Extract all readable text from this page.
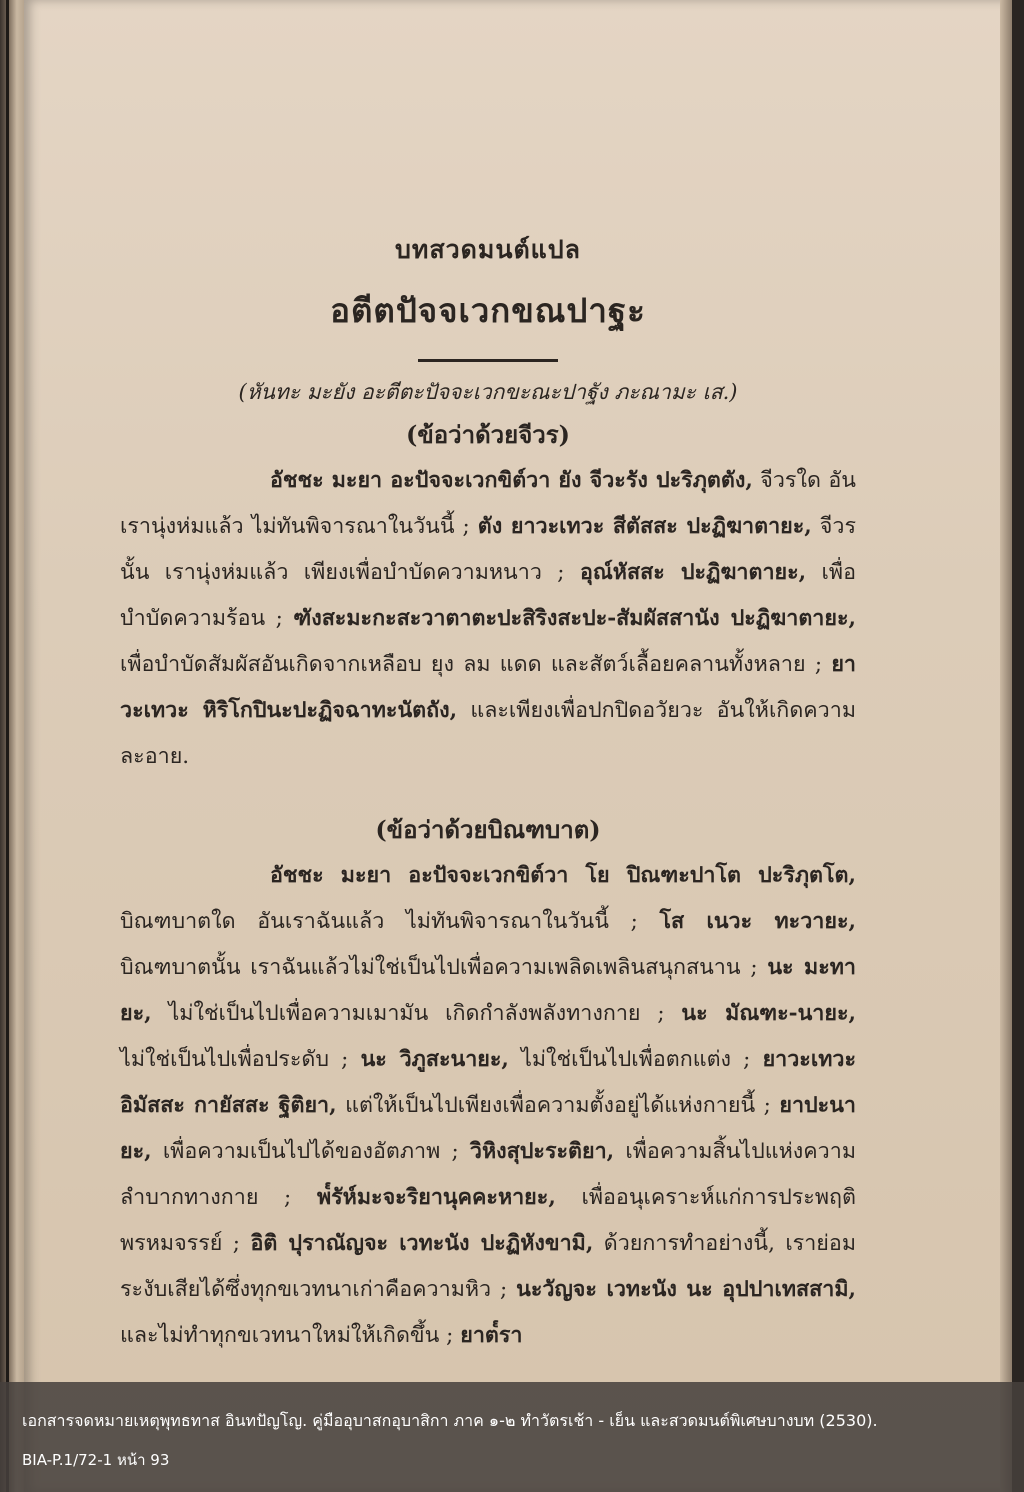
บทสวดมนต์แปล

อตีตปัจจเวกขณปาฐะ

(หันทะ มะยัง อะตีตะปัจจะเวกขะณะปาฐัง ภะณามะ เส.)

(ข้อว่าด้วยจีวร)

อัชชะ มะยา อะปัจจะเวกขิต์วา ยัง จีวะรัง ปะริภุตตัง, จีวรใด อันเรานุ่งห่มแล้ว ไม่ทันพิจารณาในวันนี้ ; ตัง ยาวะเทวะ สีตัสสะ ปะฏิฆาตายะ, จีวรนั้น เรานุ่งห่มแล้ว เพียงเพื่อบำบัดความหนาว ; อุณ์หัสสะ ปะฏิฆาตายะ, เพื่อบำบัดความร้อน ; ฑังสะมะกะสะวาตาตะปะสิริงสะปะ-สัมผัสสานัง ปะฏิฆาตายะ, เพื่อบำบัดสัมผัสอันเกิดจากเหลือบ ยุง ลม แดด และสัตว์เลื้อยคลานทั้งหลาย ; ยาวะเทวะ หิริโกปินะปะฏิจฉาทะนัตถัง, และเพียงเพื่อปกปิดอวัยวะ อันให้เกิดความละอาย.

(ข้อว่าด้วยบิณฑบาต)

อัชชะ มะยา อะปัจจะเวกขิต์วา โย ปิณฑะปาโต ปะริภุตโต, บิณฑบาตใด อันเราฉันแล้ว ไม่ทันพิจารณาในวันนี้ ; โส เนวะ ทะวายะ, บิณฑบาตนั้น เราฉันแล้วไม่ใช่เป็นไปเพื่อความเพลิดเพลินสนุกสนาน ; นะ มะทายะ, ไม่ใช่เป็นไปเพื่อความเมามัน เกิดกำลังพลังทางกาย ; นะ มัณฑะ-นายะ, ไม่ใช่เป็นไปเพื่อประดับ ; นะ วิภูสะนายะ, ไม่ใช่เป็นไปเพื่อตกแต่ง ; ยาวะเทวะ อิมัสสะ กายัสสะ ฐิติยา, แต่ให้เป็นไปเพียงเพื่อความตั้งอยู่ได้แห่งกายนี้ ; ยาปะนายะ, เพื่อความเป็นไปได้ของอัตภาพ ; วิหิงสุปะระติยา, เพื่อความสิ้นไปแห่งความลำบากทางกาย ; พ๎รัห์มะจะริยานุคคะหายะ, เพื่ออนุเคราะห์แก่การประพฤติพรหมจรรย์ ; อิติ ปุราณัญจะ เวทะนัง ปะฏิหังขามิ, ด้วยการทำอย่างนี้, เราย่อมระงับเสียได้ซึ่งทุกขเวทนาเก่าคือความหิว ; นะวัญจะ เวทะนัง นะ อุปปาเทสสามิ, และไม่ทำทุกขเวทนาใหม่ให้เกิดขึ้น ; ยาต๎รา

เอกสารจดหมายเหตุพุทธทาส อินทปัญโญ. คู่มืออุบาสกอุบาสิกา ภาค ๑-๒ ทำวัตรเช้า - เย็น และสวดมนต์พิเศษบางบท (2530).
BIA-P.1/72-1 หน้า 93
